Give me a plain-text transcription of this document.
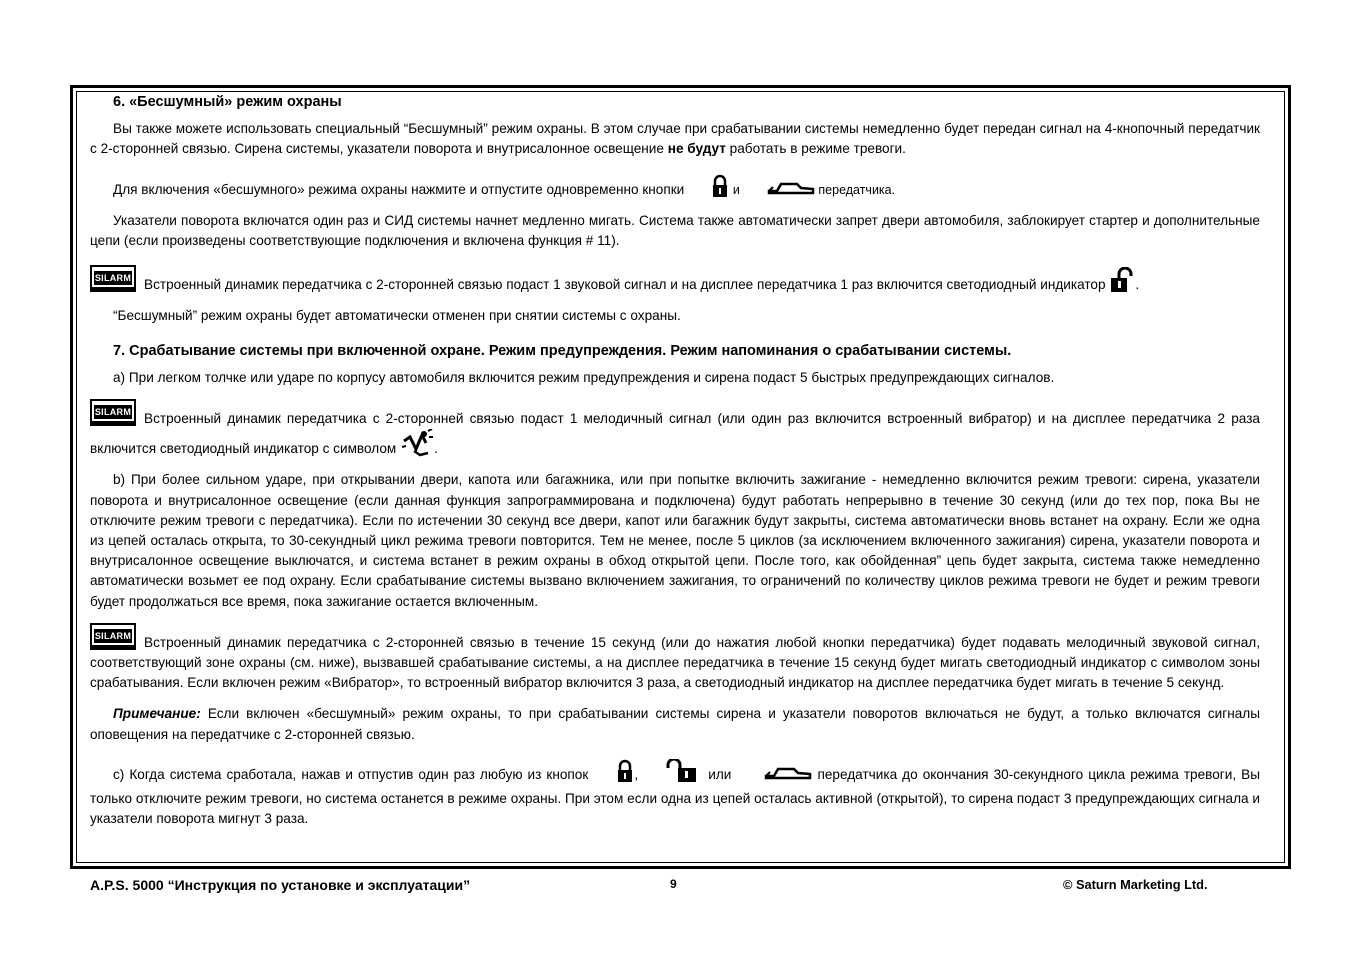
6. «Бесшумный» режим охраны

Вы также можете использовать специальный “Бесшумный” режим охраны. В этом случае при срабатывании системы немедленно будет передан сигнал на 4-кнопочный передатчик с 2-сторонней связью. Сирена системы, указатели поворота и внутрисалонное освещение не будут работать в режиме тревоги.

Для включения «бесшумного» режима охраны нажмите и отпустите одновременно кнопки	и	передатчика.

Указатели поворота включатся один раз и СИД системы начнет медленно мигать. Система также автоматически запрет двери автомобиля, заблокирует стартер и дополнительные цепи (если произведены соответствующие подключения и включена функция # 11).

SILARM Встроенный динамик передатчика с 2-сторонней связью подаст 1 звуковой сигнал и на дисплее передатчика 1 раз включится светодиодный индикатор .

“Бесшумный” режим охраны будет автоматически отменен при снятии системы с охраны.

7. Срабатывание системы при включенной охране. Режим предупреждения. Режим напоминания о срабатывании системы.

а) При легком толчке или ударе по корпусу автомобиля включится режим предупреждения и сирена подаст 5 быстрых предупреждающих сигналов.

SILARM Встроенный динамик передатчика с 2-сторонней связью подаст 1 мелодичный сигнал (или один раз включится встроенный вибратор) и на дисплее передатчика 2 раза включится светодиодный индикатор с символом	.

b) При более сильном ударе, при открывании двери, капота или багажника, или при попытке включить зажигание - немедленно включится режим тревоги: сирена, указатели поворота и внутрисалонное освещение (если данная функция запрограммирована и подключена) будут работать непрерывно в течение 30 секунд (или до тех пор, пока Вы не отключите режим тревоги с передатчика). Если по истечении 30 секунд все двери, капот или багажник будут закрыты, система автоматически вновь встанет на охрану. Если же одна из цепей осталась открыта, то 30-секундный цикл режима тревоги повторится. Тем не менее, после 5 циклов (за исключением включенного зажигания) сирена, указатели поворота и внутрисалонное освещение выключатся, и система встанет в режим охраны в обход открытой цепи. После того, как обойденная” цепь будет закрыта, система также немедленно автоматически возьмет ее под охрану. Если срабатывание системы вызвано включением зажигания, то ограничений по количеству циклов режима тревоги не будет и режим тревоги будет продолжаться все время, пока зажигание остается включенным.

SILARM Встроенный динамик передатчика с 2-сторонней связью в течение 15 секунд (или до нажатия любой кнопки передатчика) будет подавать мелодичный звуковой сигнал, соответствующий зоне охраны (см. ниже), вызвавшей срабатывание системы, а на дисплее передатчика в течение 15 секунд будет мигать светодиодный индикатор с символом зоны срабатывания. Если включен режим «Вибратор», то встроенный вибратор включится 3 раза, а светодиодный индикатор на дисплее передатчика будет мигать в течение 5 секунд.

Примечание: Если включен «бесшумный» режим охраны, то при срабатывании системы сирена и указатели поворотов включаться не будут, а только включатся сигналы оповещения на передатчике с 2-сторонней связью.

с) Когда система сработала, нажав и отпустив один раз любую из кнопок	,	или	передатчика до окончания 30-секундного цикла режима тревоги, Вы только отключите режим тревоги, но система останется в режиме охраны. При этом если одна из цепей осталась активной (открытой), то сирена подаст 3 предупреждающих сигнала и указатели поворота мигнут 3 раза.

A.P.S. 5000 “Инструкция по установке и эксплуатации”	9	© Saturn Marketing Ltd.
